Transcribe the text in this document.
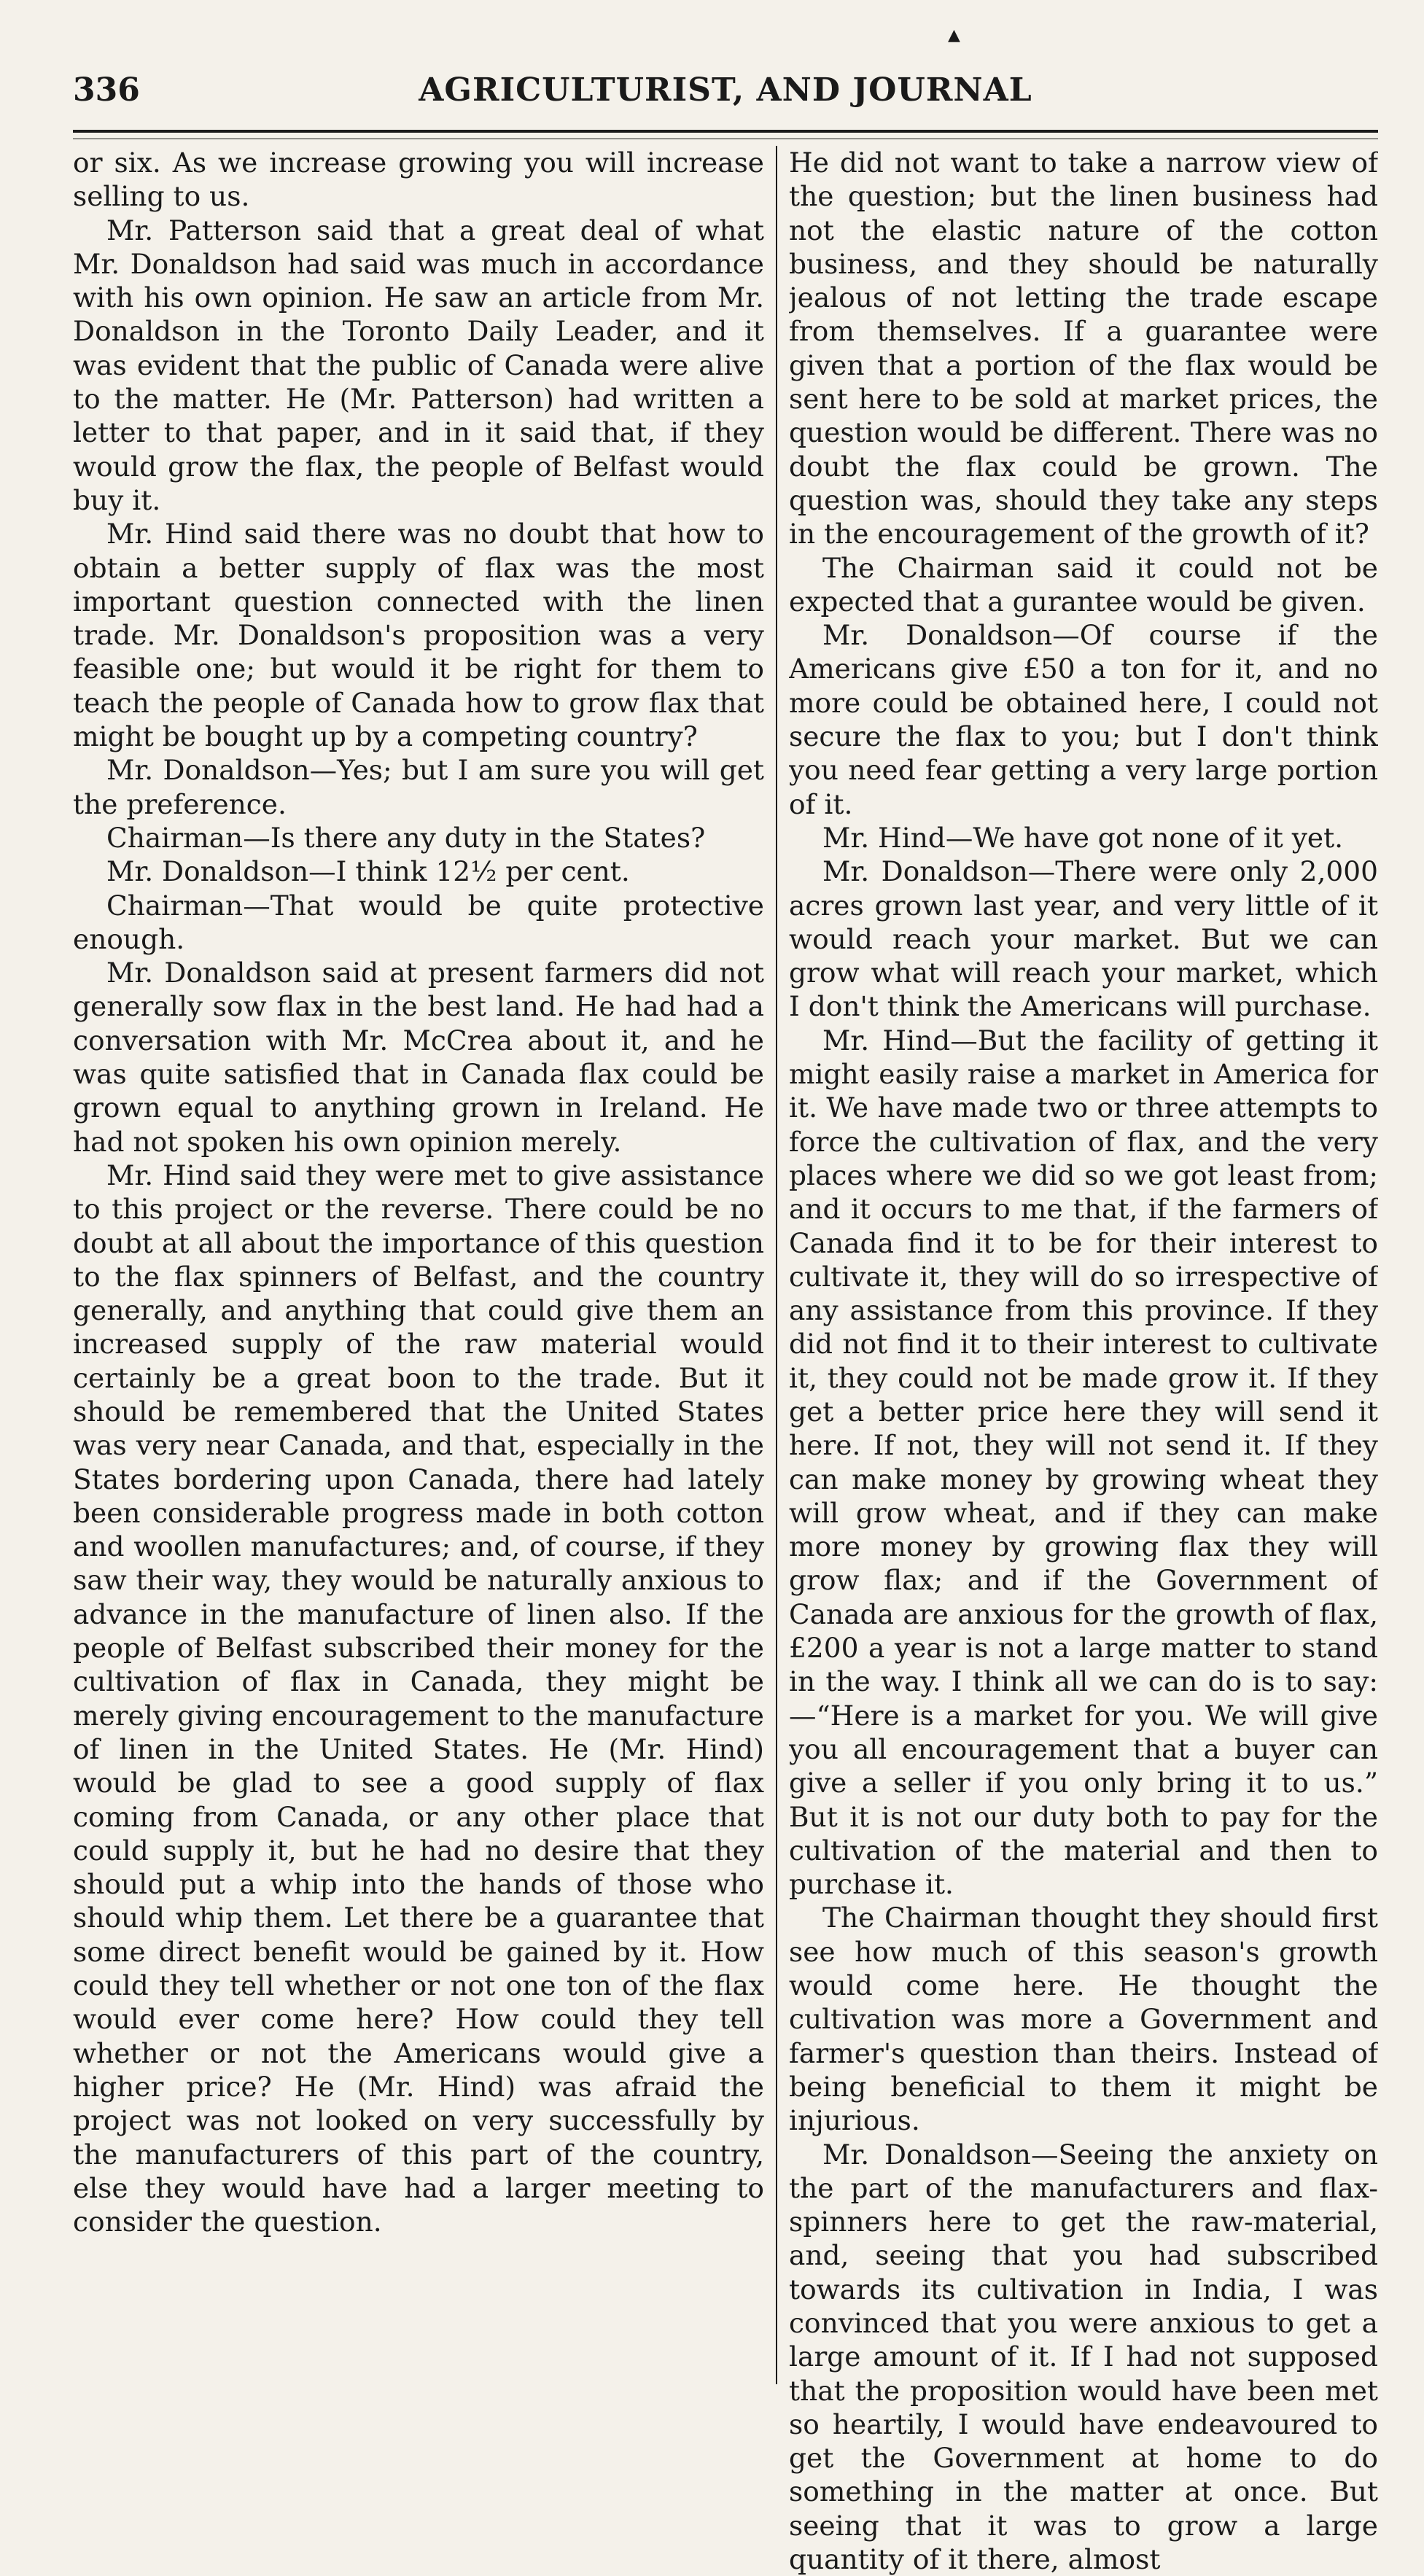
▲
336	AGRICULTURIST, AND JOURNAL

or six. As we increase growing you will increase selling to us.

Mr. Patterson said that a great deal of what Mr. Donaldson had said was much in accordance with his own opinion. He saw an article from Mr. Donaldson in the Toronto Daily Leader, and it was evident that the public of Canada were alive to the matter. He (Mr. Patterson) had written a letter to that paper, and in it said that, if they would grow the flax, the people of Belfast would buy it.

Mr. Hind said there was no doubt that how to obtain a better supply of flax was the most important question connected with the linen trade. Mr. Donaldson's proposition was a very feasible one; but would it be right for them to teach the people of Canada how to grow flax that might be bought up by a competing country?

Mr. Donaldson—Yes; but I am sure you will get the preference.

Chairman—Is there any duty in the States?

Mr. Donaldson—I think 12½ per cent.

Chairman—That would be quite protective enough.

Mr. Donaldson said at present farmers did not generally sow flax in the best land. He had had a conversation with Mr. McCrea about it, and he was quite satisfied that in Canada flax could be grown equal to anything grown in Ireland. He had not spoken his own opinion merely.

Mr. Hind said they were met to give assistance to this project or the reverse. There could be no doubt at all about the importance of this question to the flax spinners of Belfast, and the country generally, and anything that could give them an increased supply of the raw material would certainly be a great boon to the trade. But it should be remembered that the United States was very near Canada, and that, especially in the States bordering upon Canada, there had lately been considerable progress made in both cotton and woollen manufactures; and, of course, if they saw their way, they would be naturally anxious to advance in the manufacture of linen also. If the people of Belfast subscribed their money for the cultivation of flax in Canada, they might be merely giving encouragement to the manufacture of linen in the United States. He (Mr. Hind) would be glad to see a good supply of flax coming from Canada, or any other place that could supply it, but he had no desire that they should put a whip into the hands of those who should whip them. Let there be a guarantee that some direct benefit would be gained by it. How could they tell whether or not one ton of the flax would ever come here? How could they tell whether or not the Americans would give a higher price? He (Mr. Hind) was afraid the project was not looked on very successfully by the manufacturers of this part of the country, else they would have had a larger meeting to consider the question.

He did not want to take a narrow view of the question; but the linen business had not the elastic nature of the cotton business, and they should be naturally jealous of not letting the trade escape from themselves. If a guarantee were given that a portion of the flax would be sent here to be sold at market prices, the question would be different. There was no doubt the flax could be grown. The question was, should they take any steps in the encouragement of the growth of it?

The Chairman said it could not be expected that a gurantee would be given.

Mr. Donaldson—Of course if the Americans give £50 a ton for it, and no more could be obtained here, I could not secure the flax to you; but I don't think you need fear getting a very large portion of it.

Mr. Hind—We have got none of it yet.

Mr. Donaldson—There were only 2,000 acres grown last year, and very little of it would reach your market. But we can grow what will reach your market, which I don't think the Americans will purchase.

Mr. Hind—But the facility of getting it might easily raise a market in America for it. We have made two or three attempts to force the cultivation of flax, and the very places where we did so we got least from; and it occurs to me that, if the farmers of Canada find it to be for their interest to cultivate it, they will do so irrespective of any assistance from this province. If they did not find it to their interest to cultivate it, they could not be made grow it. If they get a better price here they will send it here. If not, they will not send it. If they can make money by growing wheat they will grow wheat, and if they can make more money by growing flax they will grow flax; and if the Government of Canada are anxious for the growth of flax, £200 a year is not a large matter to stand in the way. I think all we can do is to say:—“Here is a market for you. We will give you all encouragement that a buyer can give a seller if you only bring it to us.” But it is not our duty both to pay for the cultivation of the material and then to purchase it.

The Chairman thought they should first see how much of this season's growth would come here. He thought the cultivation was more a Government and farmer's question than theirs. Instead of being beneficial to them it might be injurious.

Mr. Donaldson—Seeing the anxiety on the part of the manufacturers and flax-spinners here to get the raw-material, and, seeing that you had subscribed towards its cultivation in India, I was convinced that you were anxious to get a large amount of it. If I had not supposed that the proposition would have been met so heartily, I would have endeavoured to get the Government at home to do something in the matter at once. But seeing that it was to grow a large quantity of it there, almost
